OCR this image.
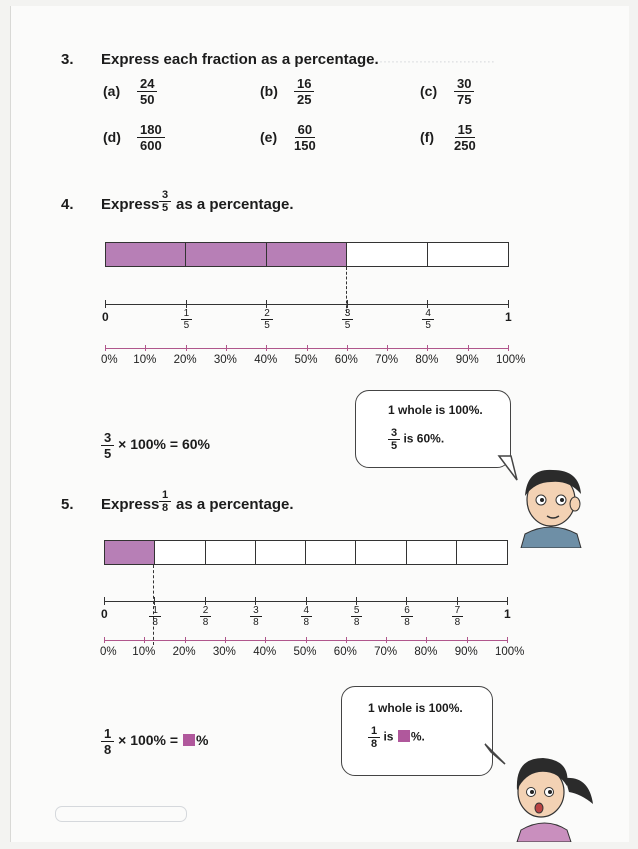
·······························
3. Express each fraction as a percentage.
$(a) \frac{24}{50}$	$(b) \frac{16}{25}$	$(c) \frac{30}{75}$
$(d) \frac{180}{600}$	$(e) \frac{60}{150}$	$(f) \frac{15}{250}$
4. Express $\frac{3}{5}$ as a percentage.
0	$\frac{1}{5}$	$\frac{2}{5}$	$\frac{3}{5}$	$\frac{4}{5}$	1
0% 10% 20% 30% 40% 50% 60% 70% 80% 90% 100%
$\frac{3}{5} \times 100\% = 60\%$
1 whole is 100%.
$\frac{3}{5}$ is 60%.
5. Express $\frac{1}{8}$ as a percentage.
0	$\frac{1}{8}$	$\frac{2}{8}$	$\frac{3}{8}$	$\frac{4}{8}$	$\frac{5}{8}$	$\frac{6}{8}$	$\frac{7}{8}$	1
0% 10% 20% 30% 40% 50% 60% 70% 80% 90% 100%
$\frac{1}{8} \times 100\%$ = %
1 whole is 100%.
$\frac{1}{8}$ is %.
